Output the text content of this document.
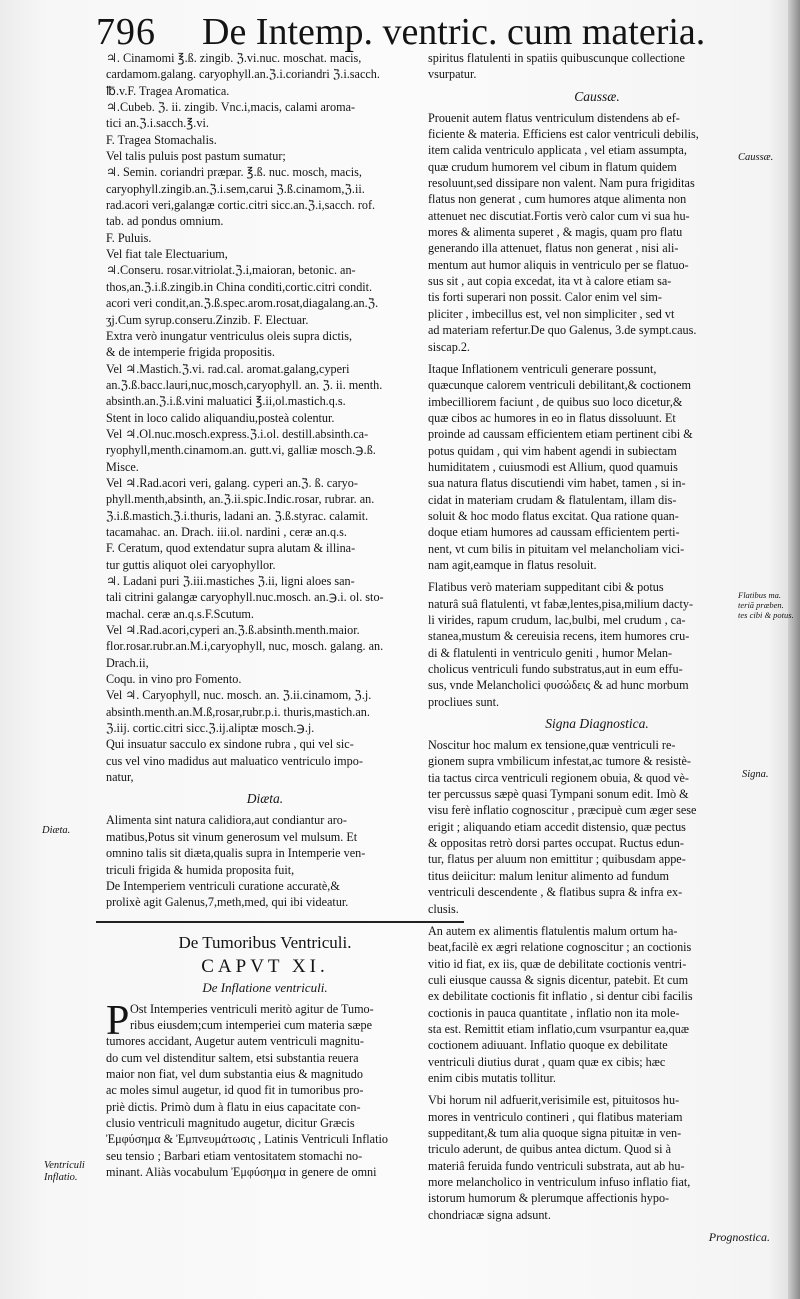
796 De Intemp. ventric. cum materia.
♃. Cinamomi ℥.ß. zingib. ℨ.vi.nuc. moschat. macis,
cardamom.galang. caryophyll.an.ℨ.i.coriandri ℨ.i.sacch.
℔.v.F. Tragea Aromatica.
♃.Cubeb. ℨ. ii. zingib. Vnc.i,macis, calami aroma-
tici an.ℨ.i.sacch.℥.vi.
F. Tragea Stomachalis.
Vel talis puluis post pastum sumatur;
♃. Semin. coriandri præpar. ℥.ß. nuc. mosch, macis,
caryophyll.zingib.an.ℨ.i.sem,carui ℨ.ß.cinamom,ℨ.ii.
rad.acori veri,galangæ cortic.citri sicc.an.ℨ.i,sacch. rof.
tab. ad pondus omnium.
F. Puluis.
Vel fiat tale Electuarium,
♃.Conseru. rosar.vitriolat.ℨ.i,maioran, betonic. an-
thos,an.ℨ.i.ß.zingib.in China conditi,cortic.citri condit.
acori veri condit,an.ℨ.ß.spec.arom.rosat,diagalang.an.ℨ.
ʒj.Cum syrup.conseru.Zinzib. F. Electuar.
Extra verò inungatur ventriculus oleis supra dictis,
& de intemperie frigida propositis.
Vel ♃.Mastich.ℨ.vi. rad.cal. aromat.galang,cyperi
an.ℨ.ß.bacc.lauri,nuc,mosch,caryophyll. an. ℨ. ii. menth.
absinth.an.ℨ.i.ß.vini maluatici ℥.ii,ol.mastich.q.s.
Stent in loco calido aliquandiu,posteà colentur.
Vel ♃.Ol.nuc.mosch.express.ℨ.i.ol. destill.absinth.ca-
ryophyll,menth.cinamom.an. gutt.vi, galliæ mosch.℈.ß.
Misce.
Vel ♃.Rad.acori veri, galang. cyperi an.ℨ. ß. caryo-
phyll.menth,absinth, an.ℨ.ii.spic.Indic.rosar, rubrar. an.
ℨ.i.ß.mastich.ℨ.i.thuris, ladani an. ℨ.ß.styrac. calamit.
tacamahac. an. Drach. iii.ol. nardini , ceræ an.q.s.
F. Ceratum, quod extendatur supra alutam & illina-
tur guttis aliquot olei caryophyllor.
♃. Ladani puri ℨ.iii.mastiches ℨ.ii, ligni aloes san-
tali citrini galangæ caryophyll.nuc.mosch. an.℈.i. ol. sto-
machal. ceræ an.q.s.F.Scutum.
Vel ♃.Rad.acori,cyperi an.ℨ.ß.absinth.menth.maior.
flor.rosar.rubr.an.M.i,caryophyll, nuc, mosch. galang. an.
Drach.ii,
Coqu. in vino pro Fomento.
Vel ♃. Caryophyll, nuc. mosch. an. ℨ.ii.cinamom, ℨ.j.
absinth.menth.an.M.ß,rosar,rubr.p.i. thuris,mastich.an.
ℨ.iij. cortic.citri sicc.ℨ.ij.aliptæ mosch.℈.j.
Qui insuatur sacculo ex sindone rubra , qui vel sic-
cus vel vino madidus aut maluatico ventriculo impo-
natur,
Diæta.
Alimenta sint natura calidiora,aut condiantur aro-
matibus,Potus sit vinum generosum vel mulsum. Et
omnino talis sit diæta,qualis supra in Intemperie ven-
triculi frigida & humida proposita fuit,
De Intemperiem ventriculi curatione accuratè,&
prolixè agit Galenus,7,meth,med, qui ibi videatur.
De Tumoribus Ventriculi.
CAPVT XI.
De Inflatione ventriculi.
P Ost Intemperies ventriculi meritò agitur de Tumo-
ribus eiusdem;cum intemperiei cum materia sæpe
tumores accidant, Augetur autem ventriculi magnitu-
do cum vel distenditur saltem, etsi substantia reuera
maior non fiat, vel dum substantia eius & magnitudo
ac moles simul augetur, id quod fit in tumoribus pro-
priè dictis. Primò dum à flatu in eius capacitate con-
clusio ventriculi magnitudo augetur, dicitur Græcis
Ἐμφύσημα & Ἐμπνευμάτωσις , Latinis Ventriculi Inflatio
seu tensio ; Barbari etiam ventositatem stomachi no-
minant. Aliàs vocabulum Ἐμφύσημα in genere de omni
spiritus flatulenti in spatiis quibuscunque collectione
vsurpatur.
Caussæ.
Prouenit autem flatus ventriculum distendens ab ef-
ficiente & materia. Efficiens est calor ventriculi debilis,
item calida ventriculo applicata , vel etiam assumpta,
quæ crudum humorem vel cibum in flatum quidem
resoluunt,sed dissipare non valent. Nam pura frigiditas
flatus non generat , cum humores atque alimenta non
attenuet nec discutiat.Fortis verò calor cum vi sua hu-
mores & alimenta superet , & magis, quam pro flatu
generando illa attenuet, flatus non generat , nisi ali-
mentum aut humor aliquis in ventriculo per se flatuo-
sus sit , aut copia excedat, ita vt à calore etiam sa-
tis forti superari non possit. Calor enim vel sim-
pliciter , imbecillus est, vel non simpliciter , sed vt
ad materiam refertur.De quo Galenus, 3.de sympt.caus.
siscap.2.
Itaque Inflationem ventriculi generare possunt,
quæcunque calorem ventriculi debilitant,& coctionem
imbecilliorem faciunt , de quibus suo loco dicetur,&
quæ cibos ac humores in eo in flatus dissoluunt. Et
proinde ad caussam efficientem etiam pertinent cibi &
potus quidam , qui vim habent agendi in subiectam
humiditatem , cuiusmodi est Allium, quod quamuis
sua natura flatus discutiendi vim habet, tamen , si in-
cidat in materiam crudam & flatulentam, illam dis-
soluit & hoc modo flatus excitat. Qua ratione quan-
doque etiam humores ad caussam efficientem perti-
nent, vt cum bilis in pituitam vel melancholiam vici-
nam agit,eamque in flatus resoluit.
Flatibus verò materiam suppeditant cibi & potus
naturâ suâ flatulenti, vt fabæ,lentes,pisa,milium dacty-
li virides, rapum crudum, lac,bulbi, mel crudum , ca-
stanea,mustum & cereuisia recens, item humores cru-
di & flatulenti in ventriculo geniti , humor Melan-
cholicus ventriculi fundo substratus,aut in eum effu-
sus, vnde Melancholici φυσώδεις & ad hunc morbum
procliues sunt.
Signa Diagnostica.
Noscitur hoc malum ex tensione,quæ ventriculi re-
gionem supra vmbilicum infestat,ac tumore & resistè-
tia tactus circa ventriculi regionem obuia, & quod vè-
ter percussus sæpè quasi Tympani sonum edit. Imò &
visu ferè inflatio cognoscitur , præcipuè cum æger sese
erigit ; aliquando etiam accedit distensio, quæ pectus
& oppositas retrò dorsi partes occupat. Ructus edun-
tur, flatus per aluum non emittitur ; quibusdam appe-
titus deiicitur: malum lenitur alimento ad fundum
ventriculi descendente , & flatibus supra & infra ex-
clusis.
An autem ex alimentis flatulentis malum ortum ha-
beat,facilè ex ægri relatione cognoscitur ; an coctionis
vitio id fiat, ex iis, quæ de debilitate coctionis ventri-
culi eiusque caussa & signis dicentur, patebit. Et cum
ex debilitate coctionis fit inflatio , si dentur cibi facilis
coctionis in pauca quantitate , inflatio non ita mole-
sta est. Remittit etiam inflatio,cum vsurpantur ea,quæ
coctionem adiuuant. Inflatio quoque ex debilitate
ventriculi diutius durat , quam quæ ex cibis; hæc
enim cibis mutatis tollitur.
Vbi horum nil adfuerit,verisimile est, pituitosos hu-
mores in ventriculo contineri , qui flatibus materiam
suppeditant,& tum alia quoque signa pituitæ in ven-
triculo aderunt, de quibus antea dictum. Quod si à
materiâ feruida fundo ventriculi substrata, aut ab hu-
more melancholico in ventriculum infuso inflatio fiat,
istorum humorum & plerumque affectionis hypo-
chondriacæ signa adsunt.
Diæta.
Ventriculi Inflatio.
Caussæ.
Flatibus ma. teriā præben. tes cibi & potus.
Signa.
Prognostica.
